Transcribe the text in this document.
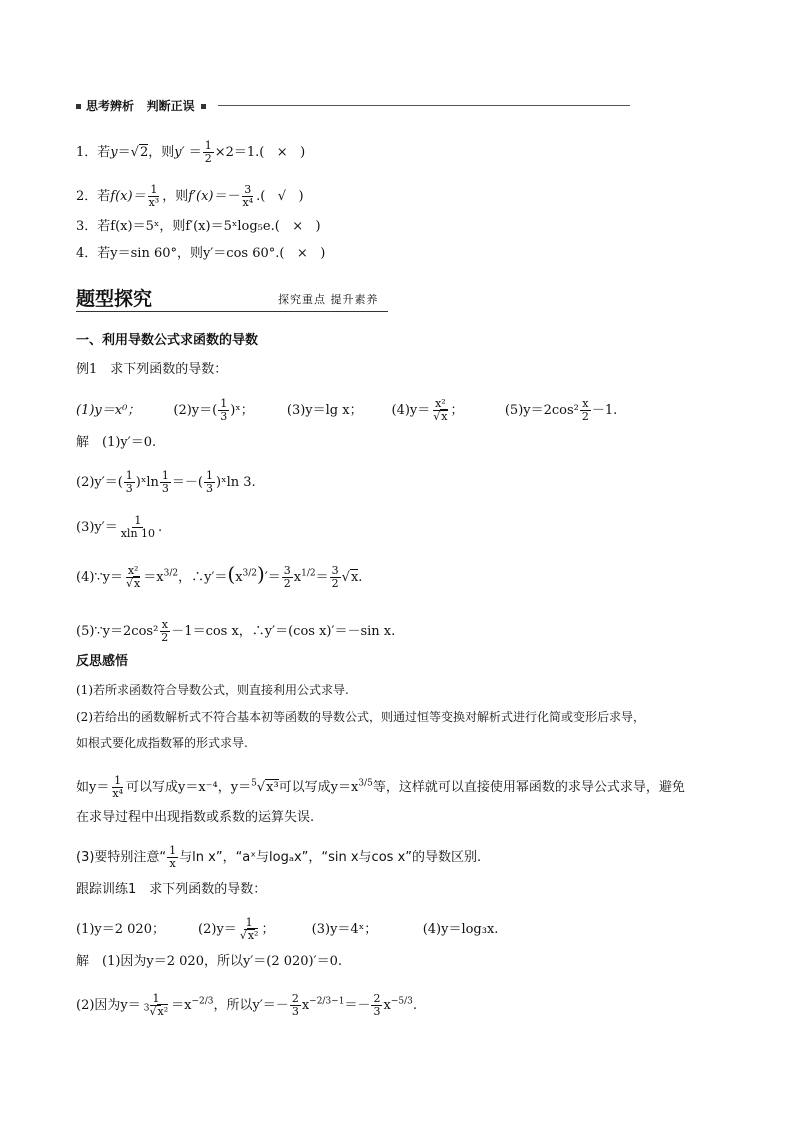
思考辨析 判断正误
1．若y＝√2，则$y' = \frac{1}{2} \times 2=1$.( × )
2．若$f(x)= \frac{1}{\text{x³}}$ ，则$f'(x)=- \frac{3}{\text{x⁴}}$ .( √ )
3．若f(x)＝5ˣ，则f′(x)＝5ˣlog₅e.( × )
4．若y＝sin 60°，则y′＝cos 60°.( × )
题型探究	探究重点 提升素养
一、利用导数公式求函数的导数
例1　求下列函数的导数：
(1)y＝x⁰；	$(2)y=( \frac{1}{3}$ )ˣ；	(3)y＝lg x； $(4)y= \frac{\text{x²}}{√x}$ ；	$(5)y=2\cos^2 \frac{x}{2} -1$.
解　(1)y′＝0.
$(2)y'=( \frac{1}{3}$ )ˣln $\frac{1}{3}$ ＝－( $\frac{1}{3}$ )ˣln 3.
$(3)y'= \frac{1}{xln 10}$ .
(4)∵y＝ $\frac{\text{x²}}{√x} =x^{3/2}$，$\therefore y'=(x^{3/2})'= \frac{3}{2} x^{1/2}= \frac{3}{2} √x$.
(5)∵y＝2cos² $\frac{x}{2} -1=\cos$ x，∴y′＝(cos x)′＝－sin x.
反思感悟
(1)若所求函数符合导数公式，则直接利用公式求导.
(2)若给出的函数解析式不符合基本初等函数的导数公式，则通过恒等变换对解析式进行化简或变形后求导，
如根式要化成指数幂的形式求导.
如$y= \frac{1}{\text{x⁴}}$ 可以写成y＝x⁻⁴，y＝$^5$√x³可以写成$y=x^{3/5}$等，这样就可以直接使用幂函数的求导公式求导，避免
在求导过程中出现指数或系数的运算失误.
(3)要特别注意“ $\frac{1}{x}$ 与ln x”，“aˣ与logₐx”，“sin x与cos x”的导数区别.
跟踪训练1　求下列函数的导数：
(1)y＝2 020；	$(2)y= \frac{1}{\text{√x²}}$ ；	(3)y＝4ˣ；	(4)y＝log₃x.
解　(1)因为y＝2 020，所以y′＝(2 020)′＝0.
(2)因为$y= \frac{1}{^3√x^2} =x^{-2/3}$，所以$y'=- \frac{2}{3} x^{-2/3-1}=- \frac{2}{3} x^{-5/3}$.
